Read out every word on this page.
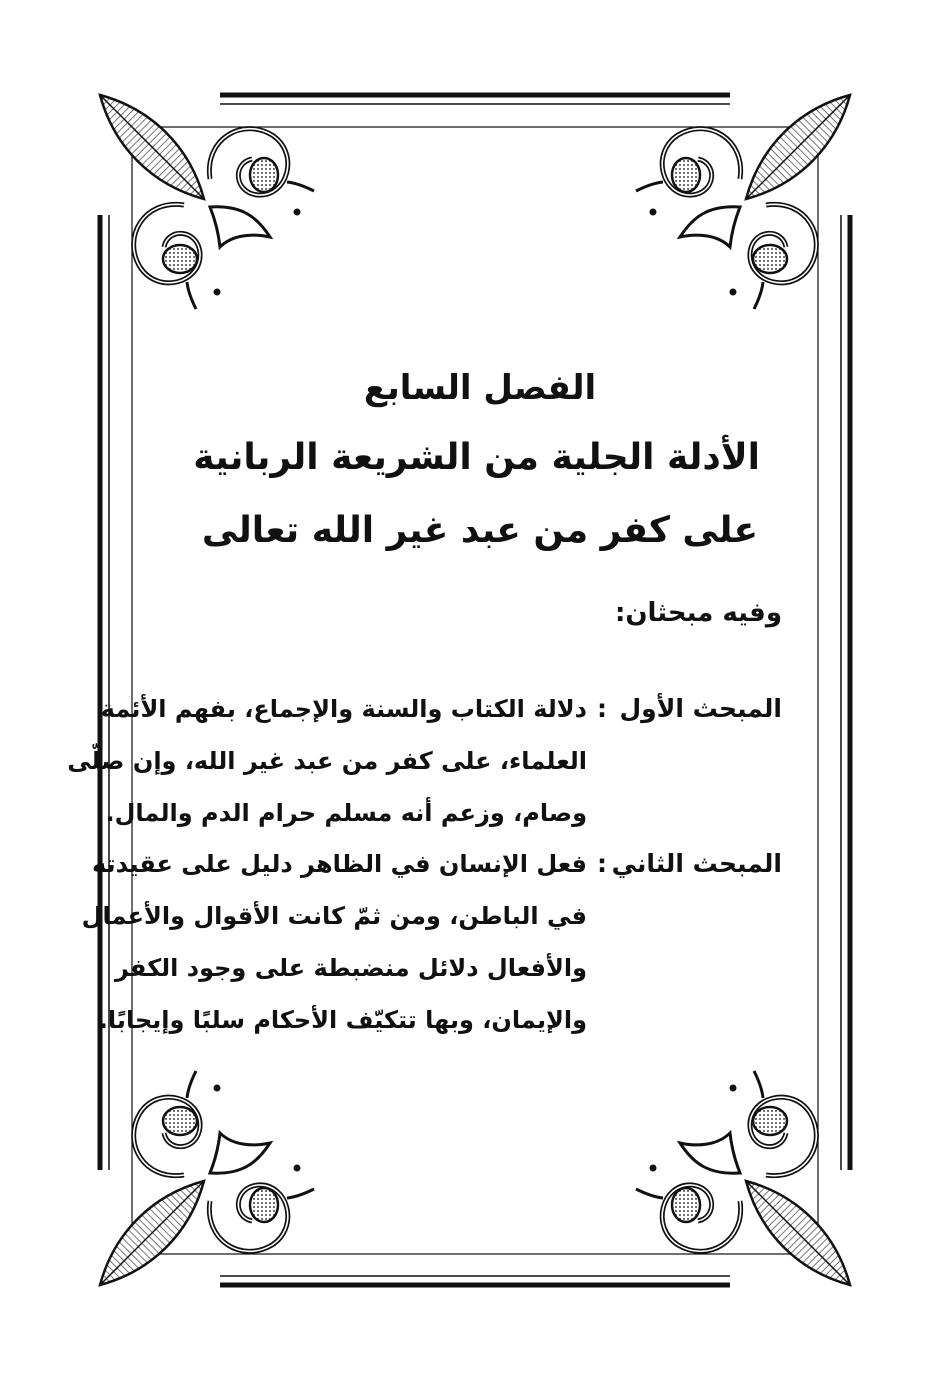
الفصل السابع
الأدلة الجلية من الشريعة الربانية
على كفر من عبد غير الله تعالى
وفيه مبحثان:
المبحث الأول
:
دلالة الكتاب والسنة والإجماع، بفهم الأئمة
العلماء، على كفر من عبد غير الله، وإن صلّى
وصام، وزعم أنه مسلم حرام الدم والمال.
المبحث الثاني
:
فعل الإنسان في الظاهر دليل على عقيدته
في الباطن، ومن ثمّ كانت الأقوال والأعمال
والأفعال دلائل منضبطة على وجود الكفر
والإيمان، وبها تتكيّف الأحكام سلبًا وإيجابًا.
